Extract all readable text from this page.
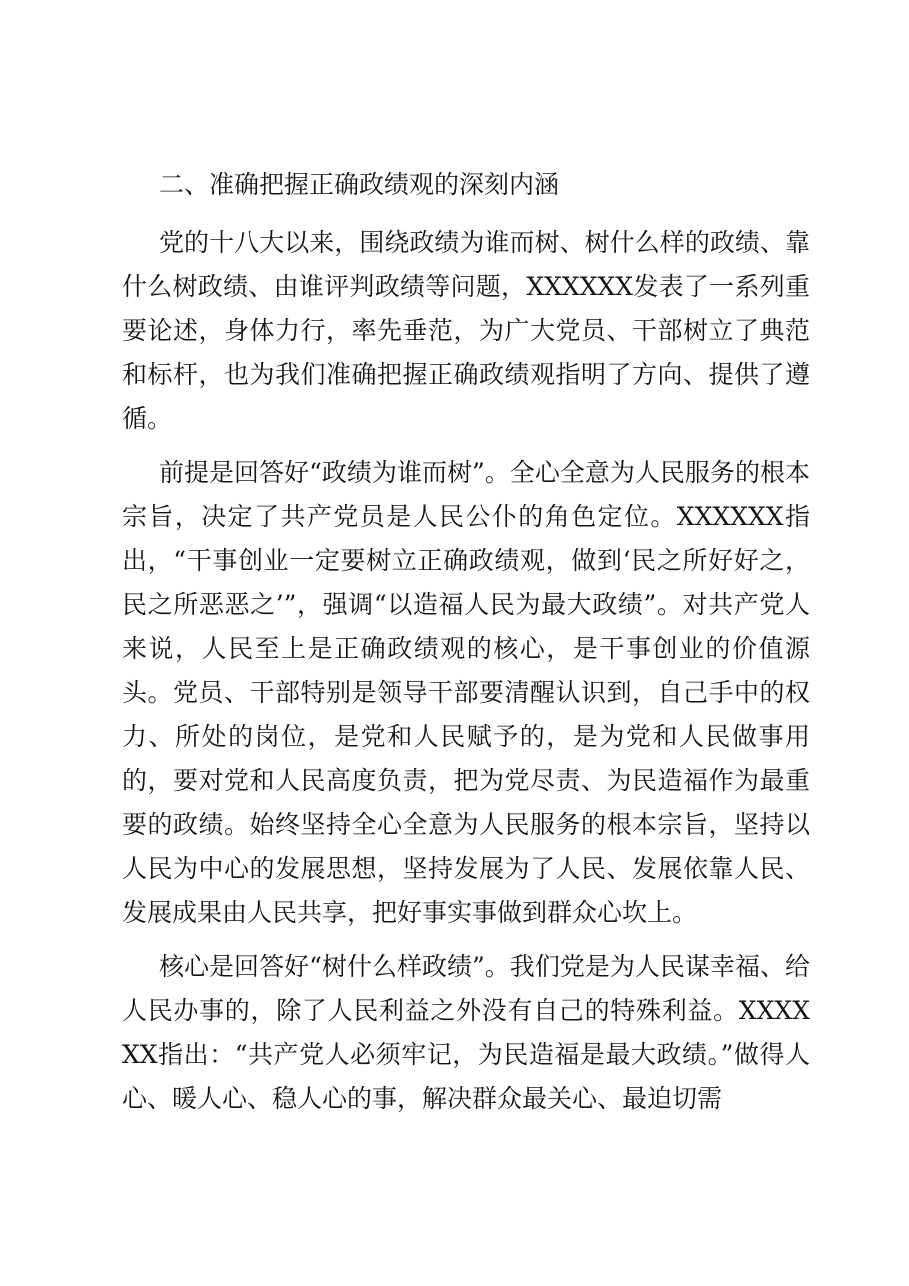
二、准确把握正确政绩观的深刻内涵

党的十八大以来，围绕政绩为谁而树、树什么样的政绩、靠什么树政绩、由谁评判政绩等问题，XXXXXX发表了一系列重要论述，身体力行，率先垂范，为广大党员、干部树立了典范和标杆，也为我们准确把握正确政绩观指明了方向、提供了遵循。

前提是回答好“政绩为谁而树”。全心全意为人民服务的根本宗旨，决定了共产党员是人民公仆的角色定位。XXXXXX指出，“干事创业一定要树立正确政绩观，做到‘民之所好好之，民之所恶恶之’”，强调“以造福人民为最大政绩”。对共产党人来说，人民至上是正确政绩观的核心，是干事创业的价值源头。党员、干部特别是领导干部要清醒认识到，自己手中的权力、所处的岗位，是党和人民赋予的，是为党和人民做事用的，要对党和人民高度负责，把为党尽责、为民造福作为最重要的政绩。始终坚持全心全意为人民服务的根本宗旨，坚持以人民为中心的发展思想，坚持发展为了人民、发展依靠人民、发展成果由人民共享，把好事实事做到群众心坎上。

核心是回答好“树什么样政绩”。我们党是为人民谋幸福、给人民办事的，除了人民利益之外没有自己的特殊利益。XXXXXX指出：“共产党人必须牢记，为民造福是最大政绩。”做得人心、暖人心、稳人心的事，解决群众最关心、最迫切需
